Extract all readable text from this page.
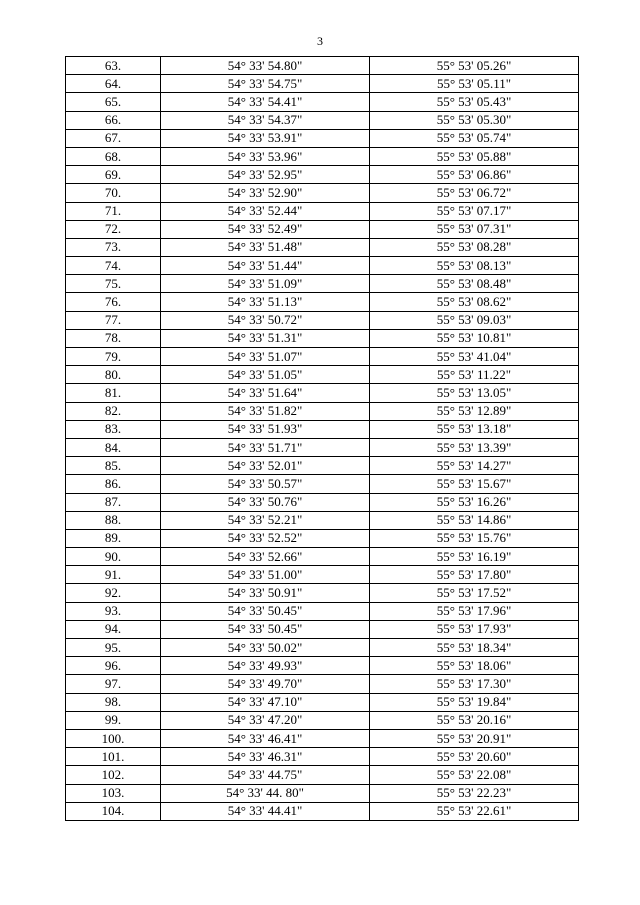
3
63.	54° 33' 54.80"	55° 53' 05.26"
64.	54° 33' 54.75"	55° 53' 05.11"
65.	54° 33' 54.41"	55° 53' 05.43"
66.	54° 33' 54.37"	55° 53' 05.30"
67.	54° 33' 53.91"	55° 53' 05.74"
68.	54° 33' 53.96"	55° 53' 05.88"
69.	54° 33' 52.95"	55° 53' 06.86"
70.	54° 33' 52.90"	55° 53' 06.72"
71.	54° 33' 52.44"	55° 53' 07.17"
72.	54° 33' 52.49"	55° 53' 07.31"
73.	54° 33' 51.48"	55° 53' 08.28"
74.	54° 33' 51.44"	55° 53' 08.13"
75.	54° 33' 51.09"	55° 53' 08.48"
76.	54° 33' 51.13"	55° 53' 08.62"
77.	54° 33' 50.72"	55° 53' 09.03"
78.	54° 33' 51.31"	55° 53' 10.81"
79.	54° 33' 51.07"	55° 53' 41.04"
80.	54° 33' 51.05"	55° 53' 11.22"
81.	54° 33' 51.64"	55° 53' 13.05"
82.	54° 33' 51.82"	55° 53' 12.89"
83.	54° 33' 51.93"	55° 53' 13.18"
84.	54° 33' 51.71"	55° 53' 13.39"
85.	54° 33' 52.01"	55° 53' 14.27"
86.	54° 33' 50.57"	55° 53' 15.67"
87.	54° 33' 50.76"	55° 53' 16.26"
88.	54° 33' 52.21"	55° 53' 14.86"
89.	54° 33' 52.52"	55° 53' 15.76"
90.	54° 33' 52.66"	55° 53' 16.19"
91.	54° 33' 51.00"	55° 53' 17.80"
92.	54° 33' 50.91"	55° 53' 17.52"
93.	54° 33' 50.45"	55° 53' 17.96"
94.	54° 33' 50.45"	55° 53' 17.93"
95.	54° 33' 50.02"	55° 53' 18.34"
96.	54° 33' 49.93"	55° 53' 18.06"
97.	54° 33' 49.70"	55° 53' 17.30"
98.	54° 33' 47.10"	55° 53' 19.84"
99.	54° 33' 47.20"	55° 53' 20.16"
100.	54° 33' 46.41"	55° 53' 20.91"
101.	54° 33' 46.31"	55° 53' 20.60"
102.	54° 33' 44.75"	55° 53' 22.08"
103.	54° 33' 44. 80"	55° 53' 22.23"
104.	54° 33' 44.41"	55° 53' 22.61"
